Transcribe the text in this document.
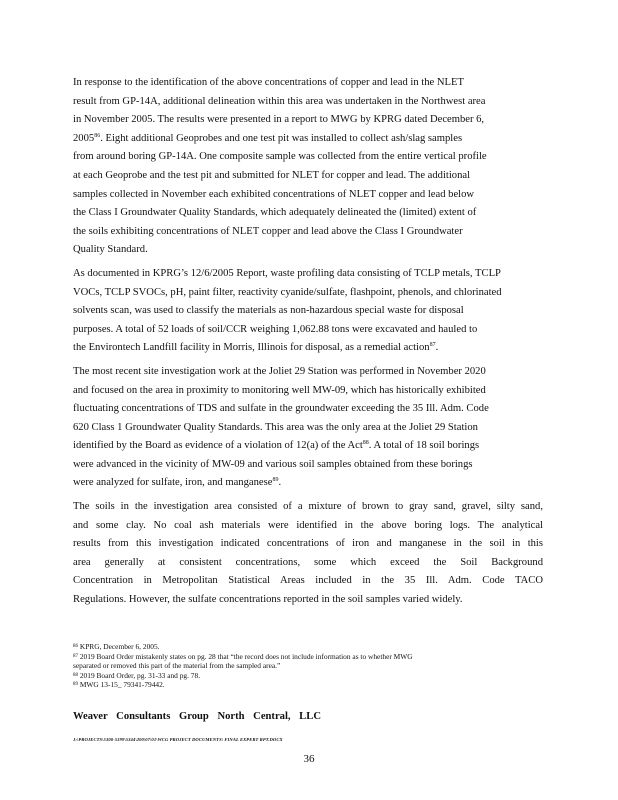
In response to the identification of the above concentrations of copper and lead in the NLET
result from GP-14A, additional delineation within this area was undertaken in the Northwest area
in November 2005. The results were presented in a report to MWG by KPRG dated December 6,
2005$^{86}$. Eight additional Geoprobes and one test pit was installed to collect ash/slag samples
from around boring GP-14A. One composite sample was collected from the entire vertical profile
at each Geoprobe and the test pit and submitted for NLET for copper and lead. The additional
samples collected in November each exhibited concentrations of NLET copper and lead below
the Class I Groundwater Quality Standards, which adequately delineated the (limited) extent of
the soils exhibiting concentrations of NLET copper and lead above the Class I Groundwater
Quality Standard.

As documented in KPRG’s 12/6/2005 Report, waste profiling data consisting of TCLP metals, TCLP
VOCs, TCLP SVOCs, pH, paint filter, reactivity cyanide/sulfate, flashpoint, phenols, and chlorinated
solvents scan, was used to classify the materials as non-hazardous special waste for disposal
purposes. A total of 52 loads of soil/CCR weighing 1,062.88 tons were excavated and hauled to
the Environtech Landfill facility in Morris, Illinois for disposal, as a remedial action$^{87}$.

The most recent site investigation work at the Joliet 29 Station was performed in November 2020
and focused on the area in proximity to monitoring well MW-09, which has historically exhibited
fluctuating concentrations of TDS and sulfate in the groundwater exceeding the 35 Ill. Adm. Code
620 Class 1 Groundwater Quality Standards. This area was the only area at the Joliet 29 Station
identified by the Board as evidence of a violation of 12(a) of the Act$^{88}$. A total of 18 soil borings
were advanced in the vicinity of MW-09 and various soil samples obtained from these borings
were analyzed for sulfate, iron, and manganese$^{89}$.

The soils in the investigation area consisted of a mixture of brown to gray sand, gravel, silty sand,
and some clay. No coal ash materials were identified in the above boring logs. The analytical
results from this investigation indicated concentrations of iron and manganese in the soil in this
area generally at consistent concentrations, some which exceed the Soil Background
Concentration in Metropolitan Statistical Areas included in the 35 Ill. Adm. Code TACO
Regulations. However, the sulfate concentrations reported in the soil samples varied widely.

$^{86}$ KPRG, December 6, 2005.
$^{87}$ 2019 Board Order mistakenly states on pg. 28 that “the record does not include information as to whether MWG
separated or removed this part of the material from the sampled area.”
$^{88}$ 2019 Board Order, pg. 31-33 and pg. 78.
$^{89}$ MWG 13-15_ 79341-79442.
Weaver Consultants Group North Central, LLC
J:\PROJECTS\5300-5399\5344\200\07\01\WCG PROJECT DOCUMENTS\ FINAL EXPERT RPT.DOCX
36
